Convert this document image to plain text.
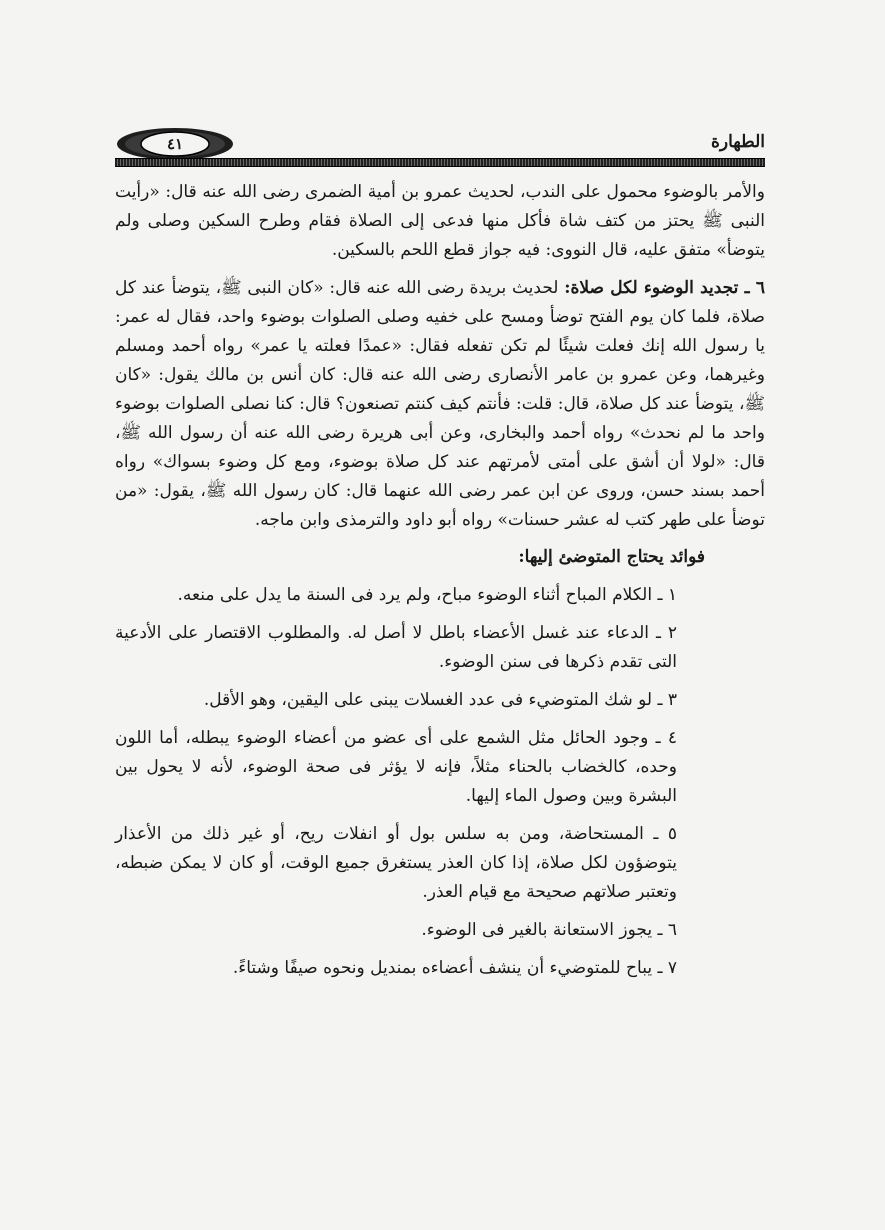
٤١	الطهارة

والأمر بالوضوء محمول على الندب، لحديث عمرو بن أمية الضمرى رضى الله عنه قال: «رأيت النبى ﷺ يحتز من كتف شاة فأكل منها فدعى إلى الصلاة فقام وطرح السكين وصلى ولم يتوضأ» متفق عليه، قال النووى: فيه جواز قطع اللحم بالسكين.

٦ ـ تجديد الوضوء لكل صلاة: لحديث بريدة رضى الله عنه قال: «كان النبى ﷺ، يتوضأ عند كل صلاة، فلما كان يوم الفتح توضأ ومسح على خفيه وصلى الصلوات بوضوء واحد، فقال له عمر: يا رسول الله إنك فعلت شيئًا لم تكن تفعله فقال: «عمدًا فعلته يا عمر» رواه أحمد ومسلم وغيرهما، وعن عمرو بن عامر الأنصارى رضى الله عنه قال: كان أنس بن مالك يقول: «كان ﷺ، يتوضأ عند كل صلاة، قال: قلت: فأنتم كيف كنتم تصنعون؟ قال: كنا نصلى الصلوات بوضوء واحد ما لم نحدث» رواه أحمد والبخارى، وعن أبى هريرة رضى الله عنه أن رسول الله ﷺ، قال: «لولا أن أشق على أمتى لأمرتهم عند كل صلاة بوضوء، ومع كل وضوء بسواك» رواه أحمد بسند حسن، وروى عن ابن عمر رضى الله عنهما قال: كان رسول الله ﷺ، يقول: «من توضأ على طهر كتب له عشر حسنات» رواه أبو داود والترمذى وابن ماجه.

فوائد يحتاج المتوضئ إليها:

١ ـ الكلام المباح أثناء الوضوء مباح، ولم يرد فى السنة ما يدل على منعه.

٢ ـ الدعاء عند غسل الأعضاء باطل لا أصل له. والمطلوب الاقتصار على الأدعية التى تقدم ذكرها فى سنن الوضوء.

٣ ـ لو شك المتوضيء فى عدد الغسلات يبنى على اليقين، وهو الأقل.

٤ ـ وجود الحائل مثل الشمع على أى عضو من أعضاء الوضوء يبطله، أما اللون وحده، كالخضاب بالحناء مثلاً، فإنه لا يؤثر فى صحة الوضوء، لأنه لا يحول بين البشرة وبين وصول الماء إليها.

٥ ـ المستحاضة، ومن به سلس بول أو انفلات ريح، أو غير ذلك من الأعذار يتوضؤون لكل صلاة، إذا كان العذر يستغرق جميع الوقت، أو كان لا يمكن ضبطه، وتعتبر صلاتهم صحيحة مع قيام العذر.

٦ ـ يجوز الاستعانة بالغير فى الوضوء.

٧ ـ يباح للمتوضيء أن ينشف أعضاءه بمنديل ونحوه صيفًا وشتاءً.
